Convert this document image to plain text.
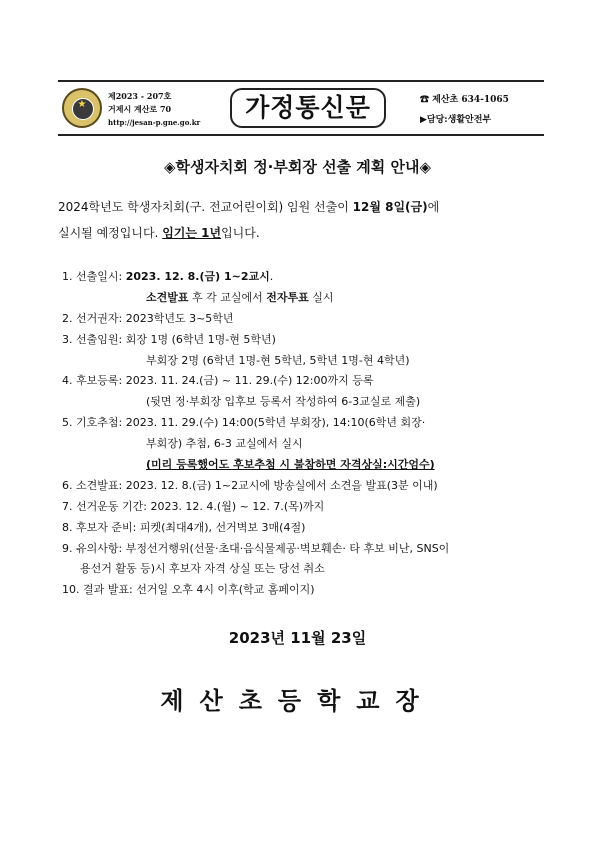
★
제2023 - 207호
거제시 계산로 70
http://jesan-p.gne.go.kr
가정통신문	☎ 제산초 634-1065
▶담당:생활안전부
◈학생자치회 정·부회장 선출 계획 안내◈
2024학년도 학생자치회(구. 전교어린이회) 임원 선출이 12월 8일(금)에
실시될 예정입니다. 임기는 1년입니다.
1. 선출일시: 2023. 12. 8.(금) 1~2교시.
소견발표 후 각 교실에서 전자투표 실시
2. 선거권자: 2023학년도 3~5학년
3. 선출임원: 회장 1명 (6학년 1명-현 5학년)
부회장 2명 (6학년 1명-현 5학년, 5학년 1명-현 4학년)
4. 후보등록: 2023. 11. 24.(금) ~ 11. 29.(수) 12:00까지 등록
(뒷면 정·부회장 입후보 등록서 작성하여 6-3교실로 제출)
5. 기호추첨: 2023. 11. 29.(수) 14:00(5학년 부회장), 14:10(6학년 회장·
부회장) 추첨, 6-3 교실에서 실시
(미리 등록했어도 후보추첨 시 불참하면 자격상실:시간엄수)
6. 소견발표: 2023. 12. 8.(금) 1~2교시에 방송실에서 소견을 발표(3분 이내)
7. 선거운동 기간: 2023. 12. 4.(월) ~ 12. 7.(목)까지
8. 후보자 준비: 피켓(최대4개), 선거벽보 3매(4절)
9. 유의사항: 부정선거행위(선물·초대·음식물제공·벽보훼손· 타 후보 비난, SNS이
용선거 활동 등)시 후보자 자격 상실 또는 당선 취소
10. 결과 발표: 선거일 오후 4시 이후(학교 홈페이지)
2023년 11월 23일
제산초등학교장
